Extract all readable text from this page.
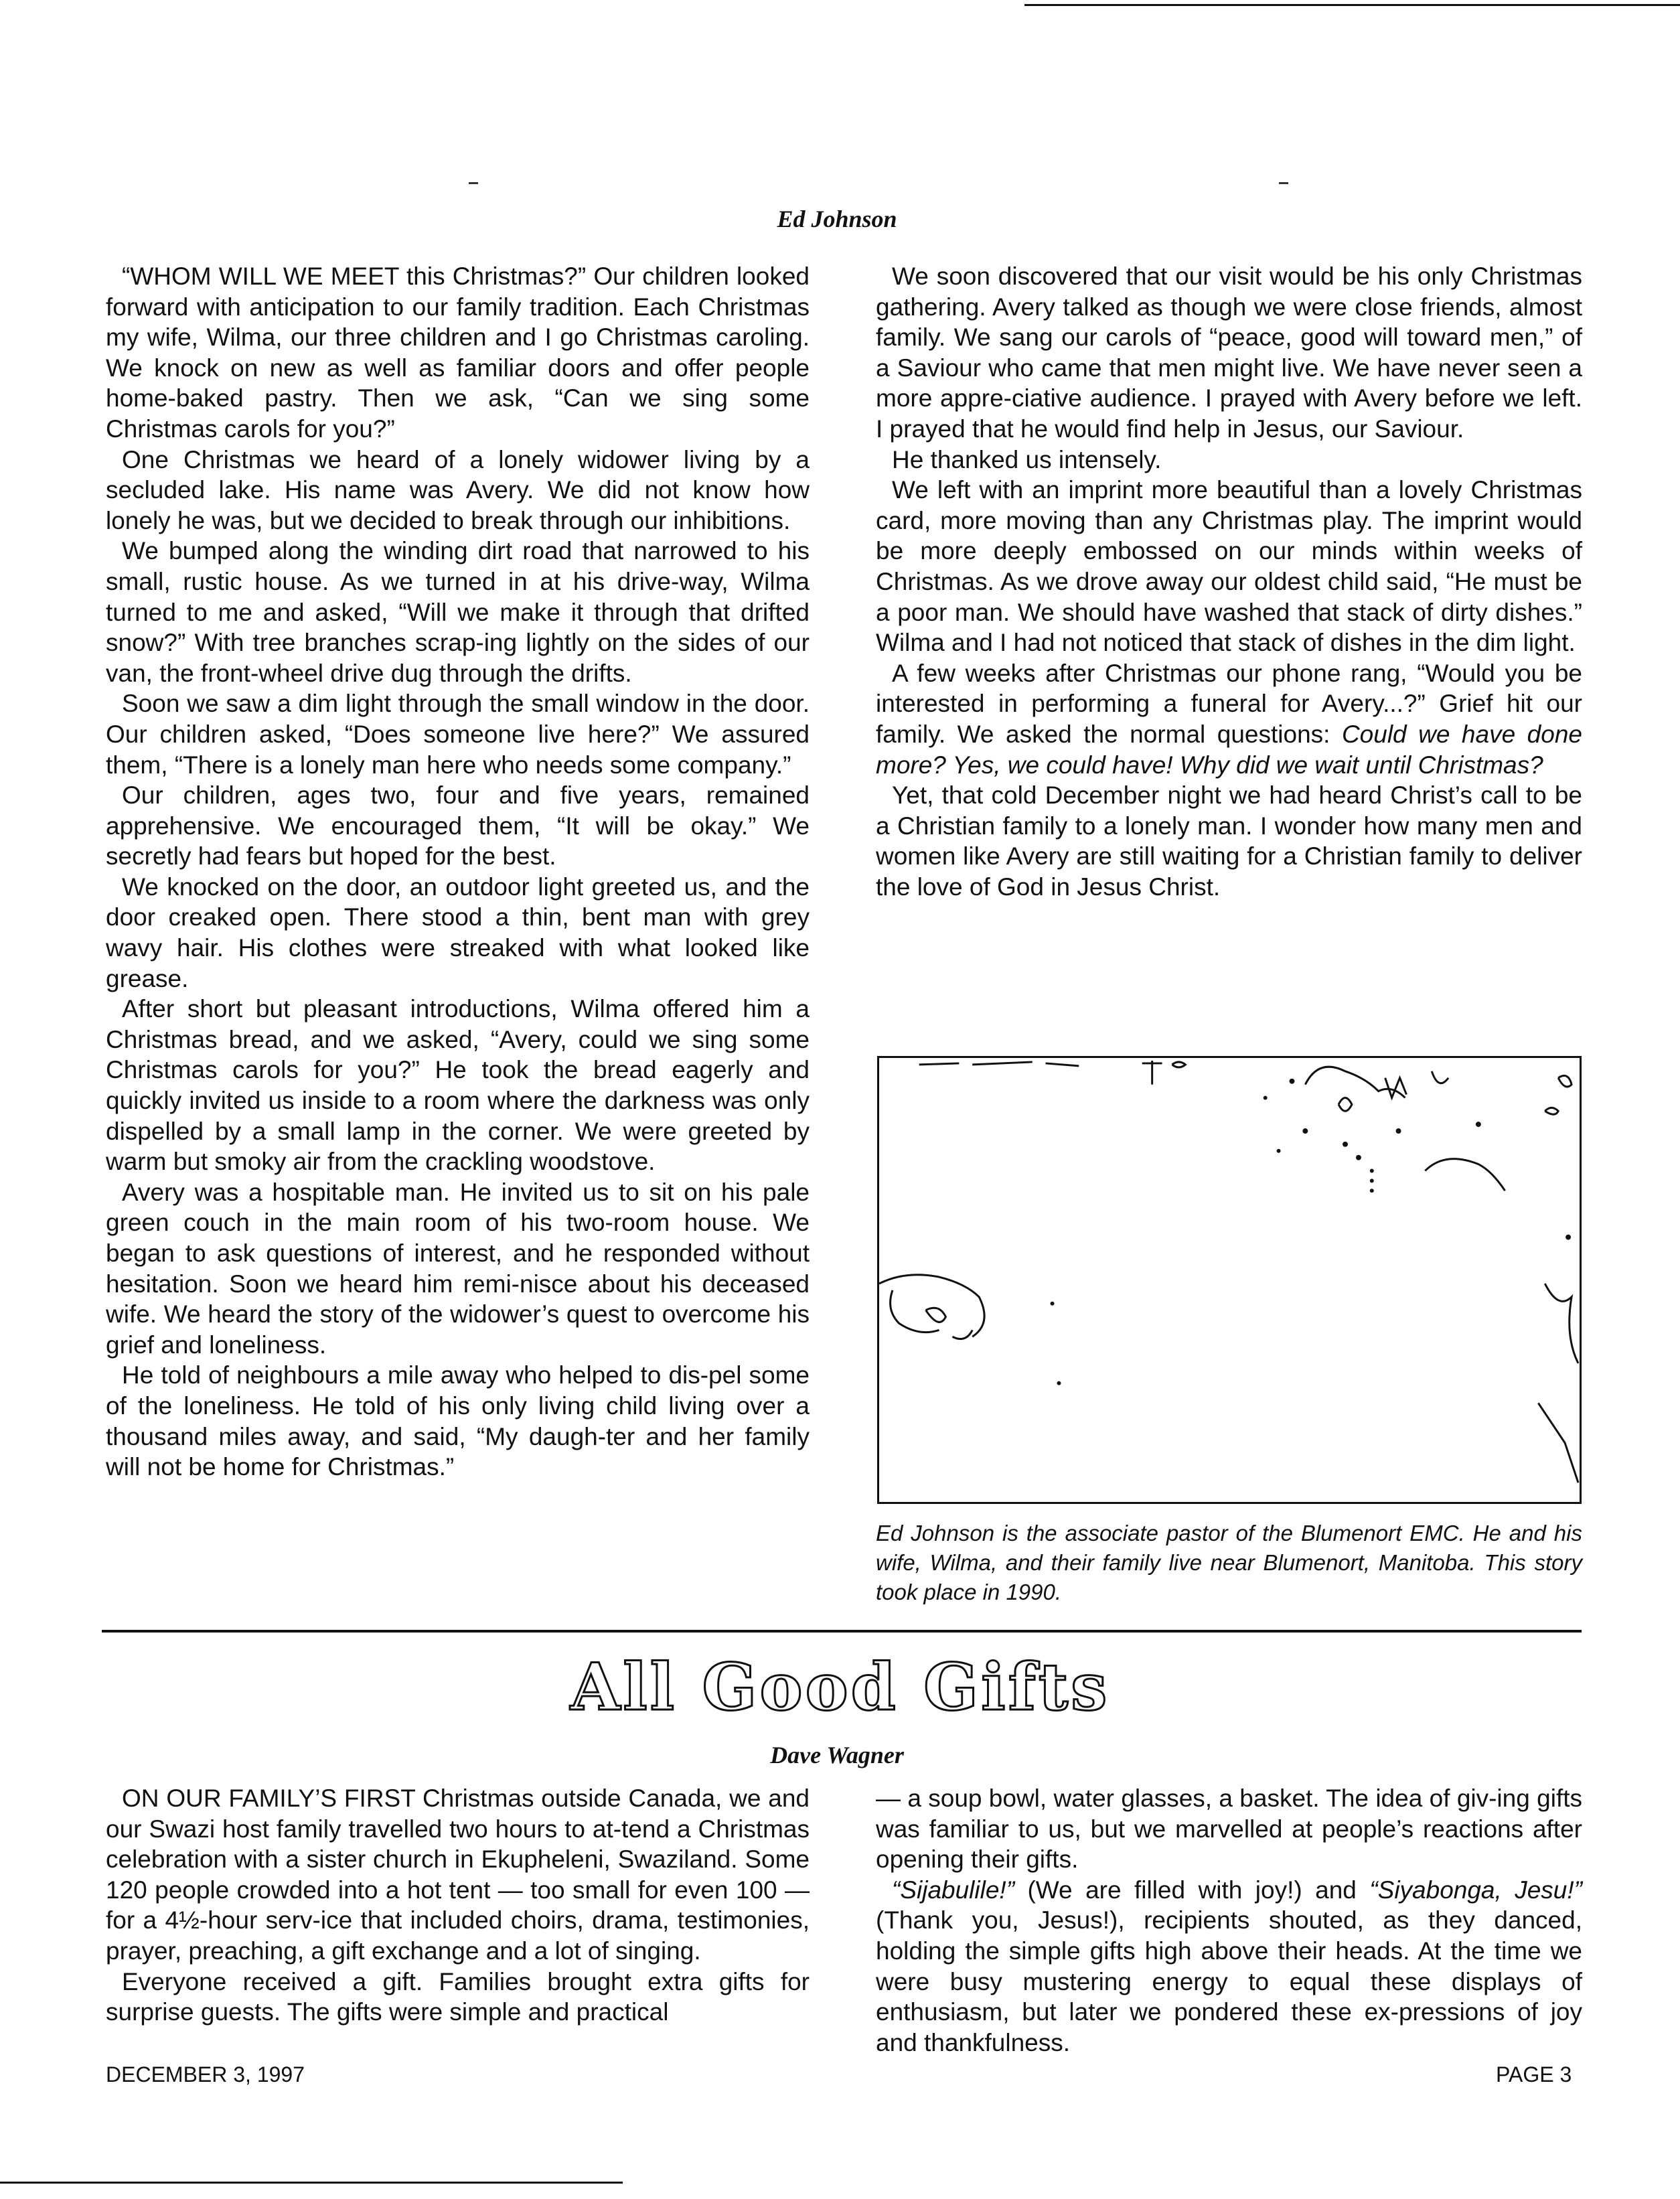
Ed Johnson

“WHOM WILL WE MEET this Christmas?” Our children looked forward with anticipation to our family tradition. Each Christmas my wife, Wilma, our three children and I go Christmas caroling. We knock on new as well as familiar doors and offer people home-baked pastry. Then we ask, “Can we sing some Christmas carols for you?”

One Christmas we heard of a lonely widower living by a secluded lake. His name was Avery. We did not know how lonely he was, but we decided to break through our inhibitions.

We bumped along the winding dirt road that narrowed to his small, rustic house. As we turned in at his drive-way, Wilma turned to me and asked, “Will we make it through that drifted snow?” With tree branches scrap-ing lightly on the sides of our van, the front-wheel drive dug through the drifts.

Soon we saw a dim light through the small window in the door. Our children asked, “Does someone live here?” We assured them, “There is a lonely man here who needs some company.”

Our children, ages two, four and five years, remained apprehensive. We encouraged them, “It will be okay.” We secretly had fears but hoped for the best.

We knocked on the door, an outdoor light greeted us, and the door creaked open. There stood a thin, bent man with grey wavy hair. His clothes were streaked with what looked like grease.

After short but pleasant introductions, Wilma offered him a Christmas bread, and we asked, “Avery, could we sing some Christmas carols for you?” He took the bread eagerly and quickly invited us inside to a room where the darkness was only dispelled by a small lamp in the corner. We were greeted by warm but smoky air from the crackling woodstove.

Avery was a hospitable man. He invited us to sit on his pale green couch in the main room of his two-room house. We began to ask questions of interest, and he responded without hesitation. Soon we heard him remi-nisce about his deceased wife. We heard the story of the widower’s quest to overcome his grief and loneliness.

He told of neighbours a mile away who helped to dis-pel some of the loneliness. He told of his only living child living over a thousand miles away, and said, “My daugh-ter and her family will not be home for Christmas.”

We soon discovered that our visit would be his only Christmas gathering. Avery talked as though we were close friends, almost family. We sang our carols of “peace, good will toward men,” of a Saviour who came that men might live. We have never seen a more appre-ciative audience. I prayed with Avery before we left. I prayed that he would find help in Jesus, our Saviour.

He thanked us intensely.

We left with an imprint more beautiful than a lovely Christmas card, more moving than any Christmas play. The imprint would be more deeply embossed on our minds within weeks of Christmas. As we drove away our oldest child said, “He must be a poor man. We should have washed that stack of dirty dishes.” Wilma and I had not noticed that stack of dishes in the dim light.

A few weeks after Christmas our phone rang, “Would you be interested in performing a funeral for Avery...?” Grief hit our family. We asked the normal questions: Could we have done more? Yes, we could have! Why did we wait until Christmas?

Yet, that cold December night we had heard Christ’s call to be a Christian family to a lonely man. I wonder how many men and women like Avery are still waiting for a Christian family to deliver the love of God in Jesus Christ.

Ed Johnson is the associate pastor of the Blumenort EMC. He and his wife, Wilma, and their family live near Blumenort, Manitoba. This story took place in 1990.
All Good Gifts
Dave Wagner

ON OUR FAMILY’S FIRST Christmas outside Canada, we and our Swazi host family travelled two hours to at-tend a Christmas celebration with a sister church in Ekupheleni, Swaziland. Some 120 people crowded into a hot tent — too small for even 100 — for a 4½-hour serv-ice that included choirs, drama, testimonies, prayer, preaching, a gift exchange and a lot of singing.

Everyone received a gift. Families brought extra gifts for surprise guests. The gifts were simple and practical

— a soup bowl, water glasses, a basket. The idea of giv-ing gifts was familiar to us, but we marvelled at people’s reactions after opening their gifts.

“Sijabulile!” (We are filled with joy!) and “Siyabonga, Jesu!” (Thank you, Jesus!), recipients shouted, as they danced, holding the simple gifts high above their heads. At the time we were busy mustering energy to equal these displays of enthusiasm, but later we pondered these ex-pressions of joy and thankfulness.

DECEMBER 3, 1997	PAGE 3
